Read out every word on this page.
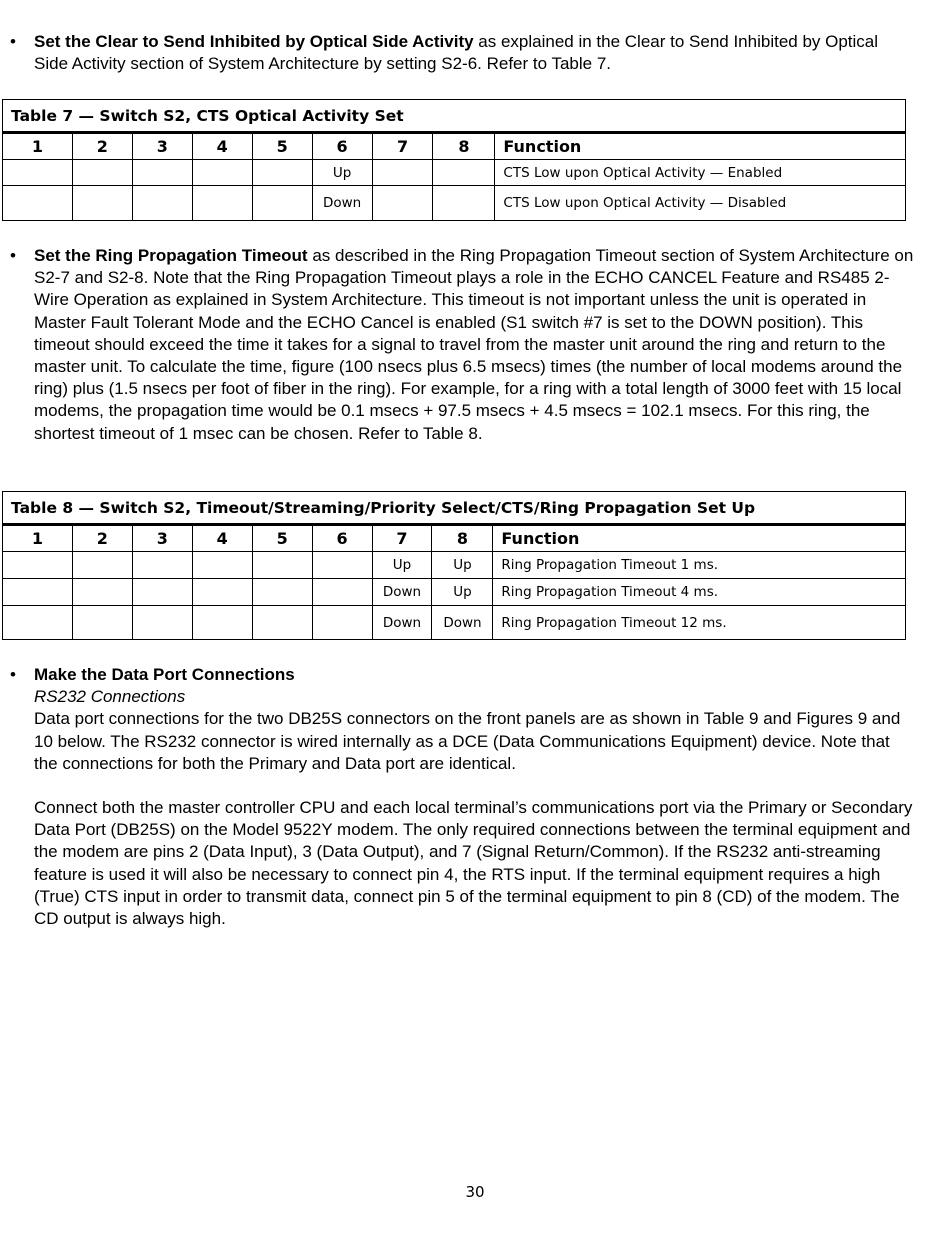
•	Set the Clear to Send Inhibited by Optical Side Activity as explained in the Clear to Send Inhibited by Optical Side Activity section of System Architecture by setting S2-6. Refer to Table 7.
Table 7 — Switch S2, CTS Optical Activity Set								
1	2	3	4	5	6	7	8	Function
					Up			CTS Low upon Optical Activity — Enabled
					Down			CTS Low upon Optical Activity — Disabled
•	Set the Ring Propagation Timeout as described in the Ring Propagation Timeout section of System Architecture on S2-7 and S2-8. Note that the Ring Propagation Timeout plays a role in the ECHO CANCEL Feature and RS485 2-Wire Operation as explained in System Architecture. This timeout is not important unless the unit is operated in Master Fault Tolerant Mode and the ECHO Cancel is enabled (S1 switch #7 is set to the DOWN position). This timeout should exceed the time it takes for a signal to travel from the master unit around the ring and return to the master unit. To calculate the time, figure (100 nsecs plus 6.5 msecs) times (the number of local modems around the ring) plus (1.5 nsecs per foot of fiber in the ring). For example, for a ring with a total length of 3000 feet with 15 local modems, the propagation time would be 0.1 msecs + 97.5 msecs + 4.5 msecs = 102.1 msecs. For this ring, the shortest timeout of 1 msec can be chosen. Refer to Table 8.
Table 8 — Switch S2, Timeout/Streaming/Priority Select/CTS/Ring Propagation Set Up								
1	2	3	4	5	6	7	8	Function
						Up	Up	Ring Propagation Timeout 1 ms.
						Down	Up	Ring Propagation Timeout 4 ms.
						Down	Down	Ring Propagation Timeout 12 ms.
•	Make the Data Port Connections
RS232 Connections

Data port connections for the two DB25S connectors on the front panels are as shown in Table 9 and Figures 9 and 10 below. The RS232 connector is wired internally as a DCE (Data Communications Equipment) device. Note that the connections for both the Primary and Data port are identical.

Connect both the master controller CPU and each local terminal’s communications port via the Primary or Secondary Data Port (DB25S) on the Model 9522Y modem. The only required connections between the terminal equipment and the modem are pins 2 (Data Input), 3 (Data Output), and 7 (Signal Return/Common). If the RS232 anti-streaming feature is used it will also be necessary to connect pin 4, the RTS input. If the terminal equipment requires a high (True) CTS input in order to transmit data, connect pin 5 of the terminal equipment to pin 8 (CD) of the modem. The CD output is always high.

30
